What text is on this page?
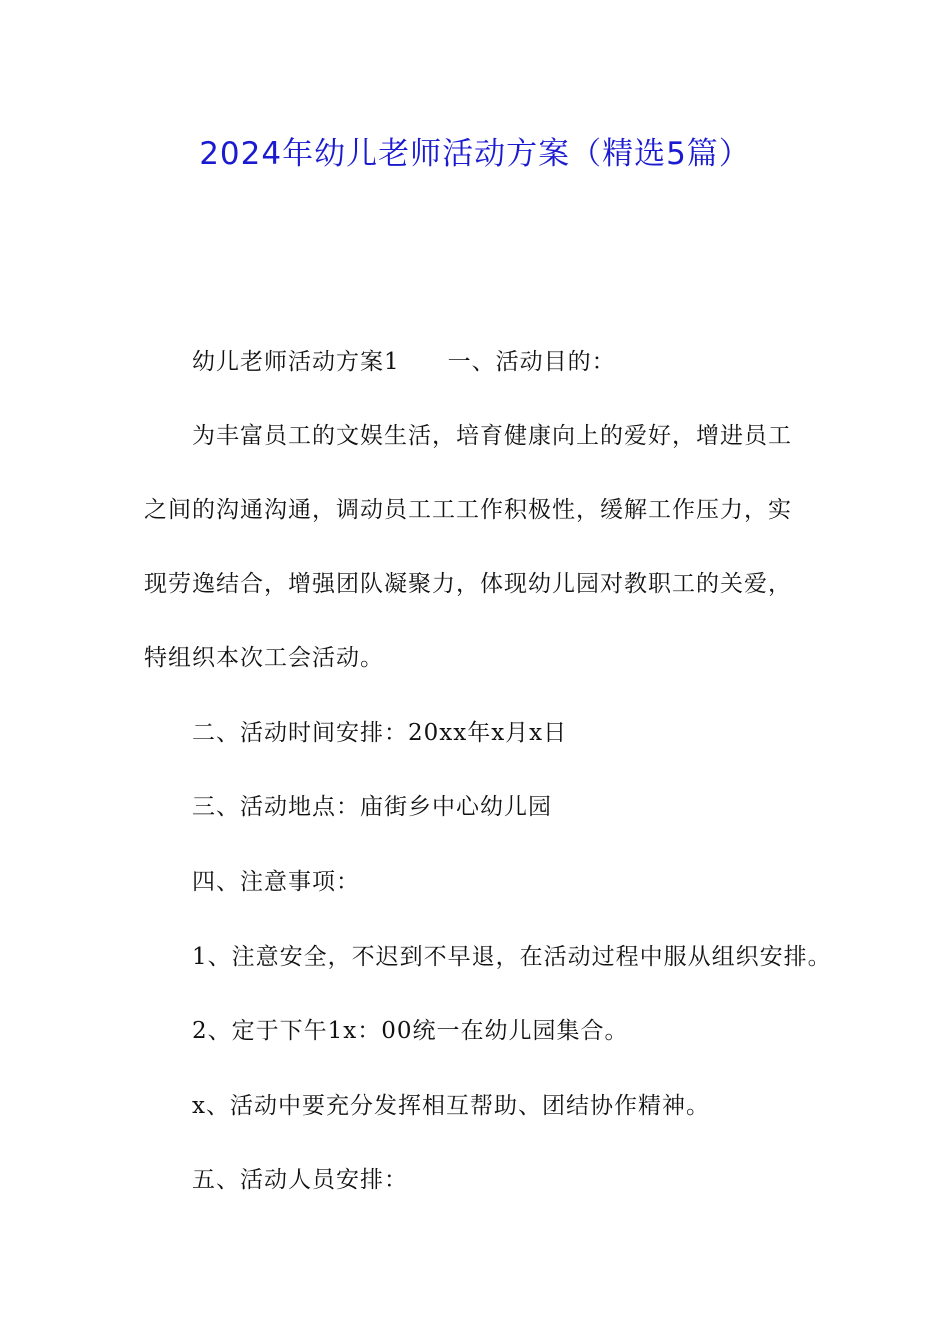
2024年幼儿老师活动方案（精选5篇）
幼儿老师活动方案1　　一、活动目的：
为丰富员工的文娱生活，培育健康向上的爱好，增进员工
之间的沟通沟通，调动员工工工作积极性，缓解工作压力，实
现劳逸结合，增强团队凝聚力，体现幼儿园对教职工的关爱，
特组织本次工会活动。
二、活动时间安排：20xx年x月x日
三、活动地点：庙街乡中心幼儿园
四、注意事项：
1、注意安全，不迟到不早退，在活动过程中服从组织安排。
2、定于下午1x：00统一在幼儿园集合。
x、活动中要充分发挥相互帮助、团结协作精神。
五、活动人员安排：
